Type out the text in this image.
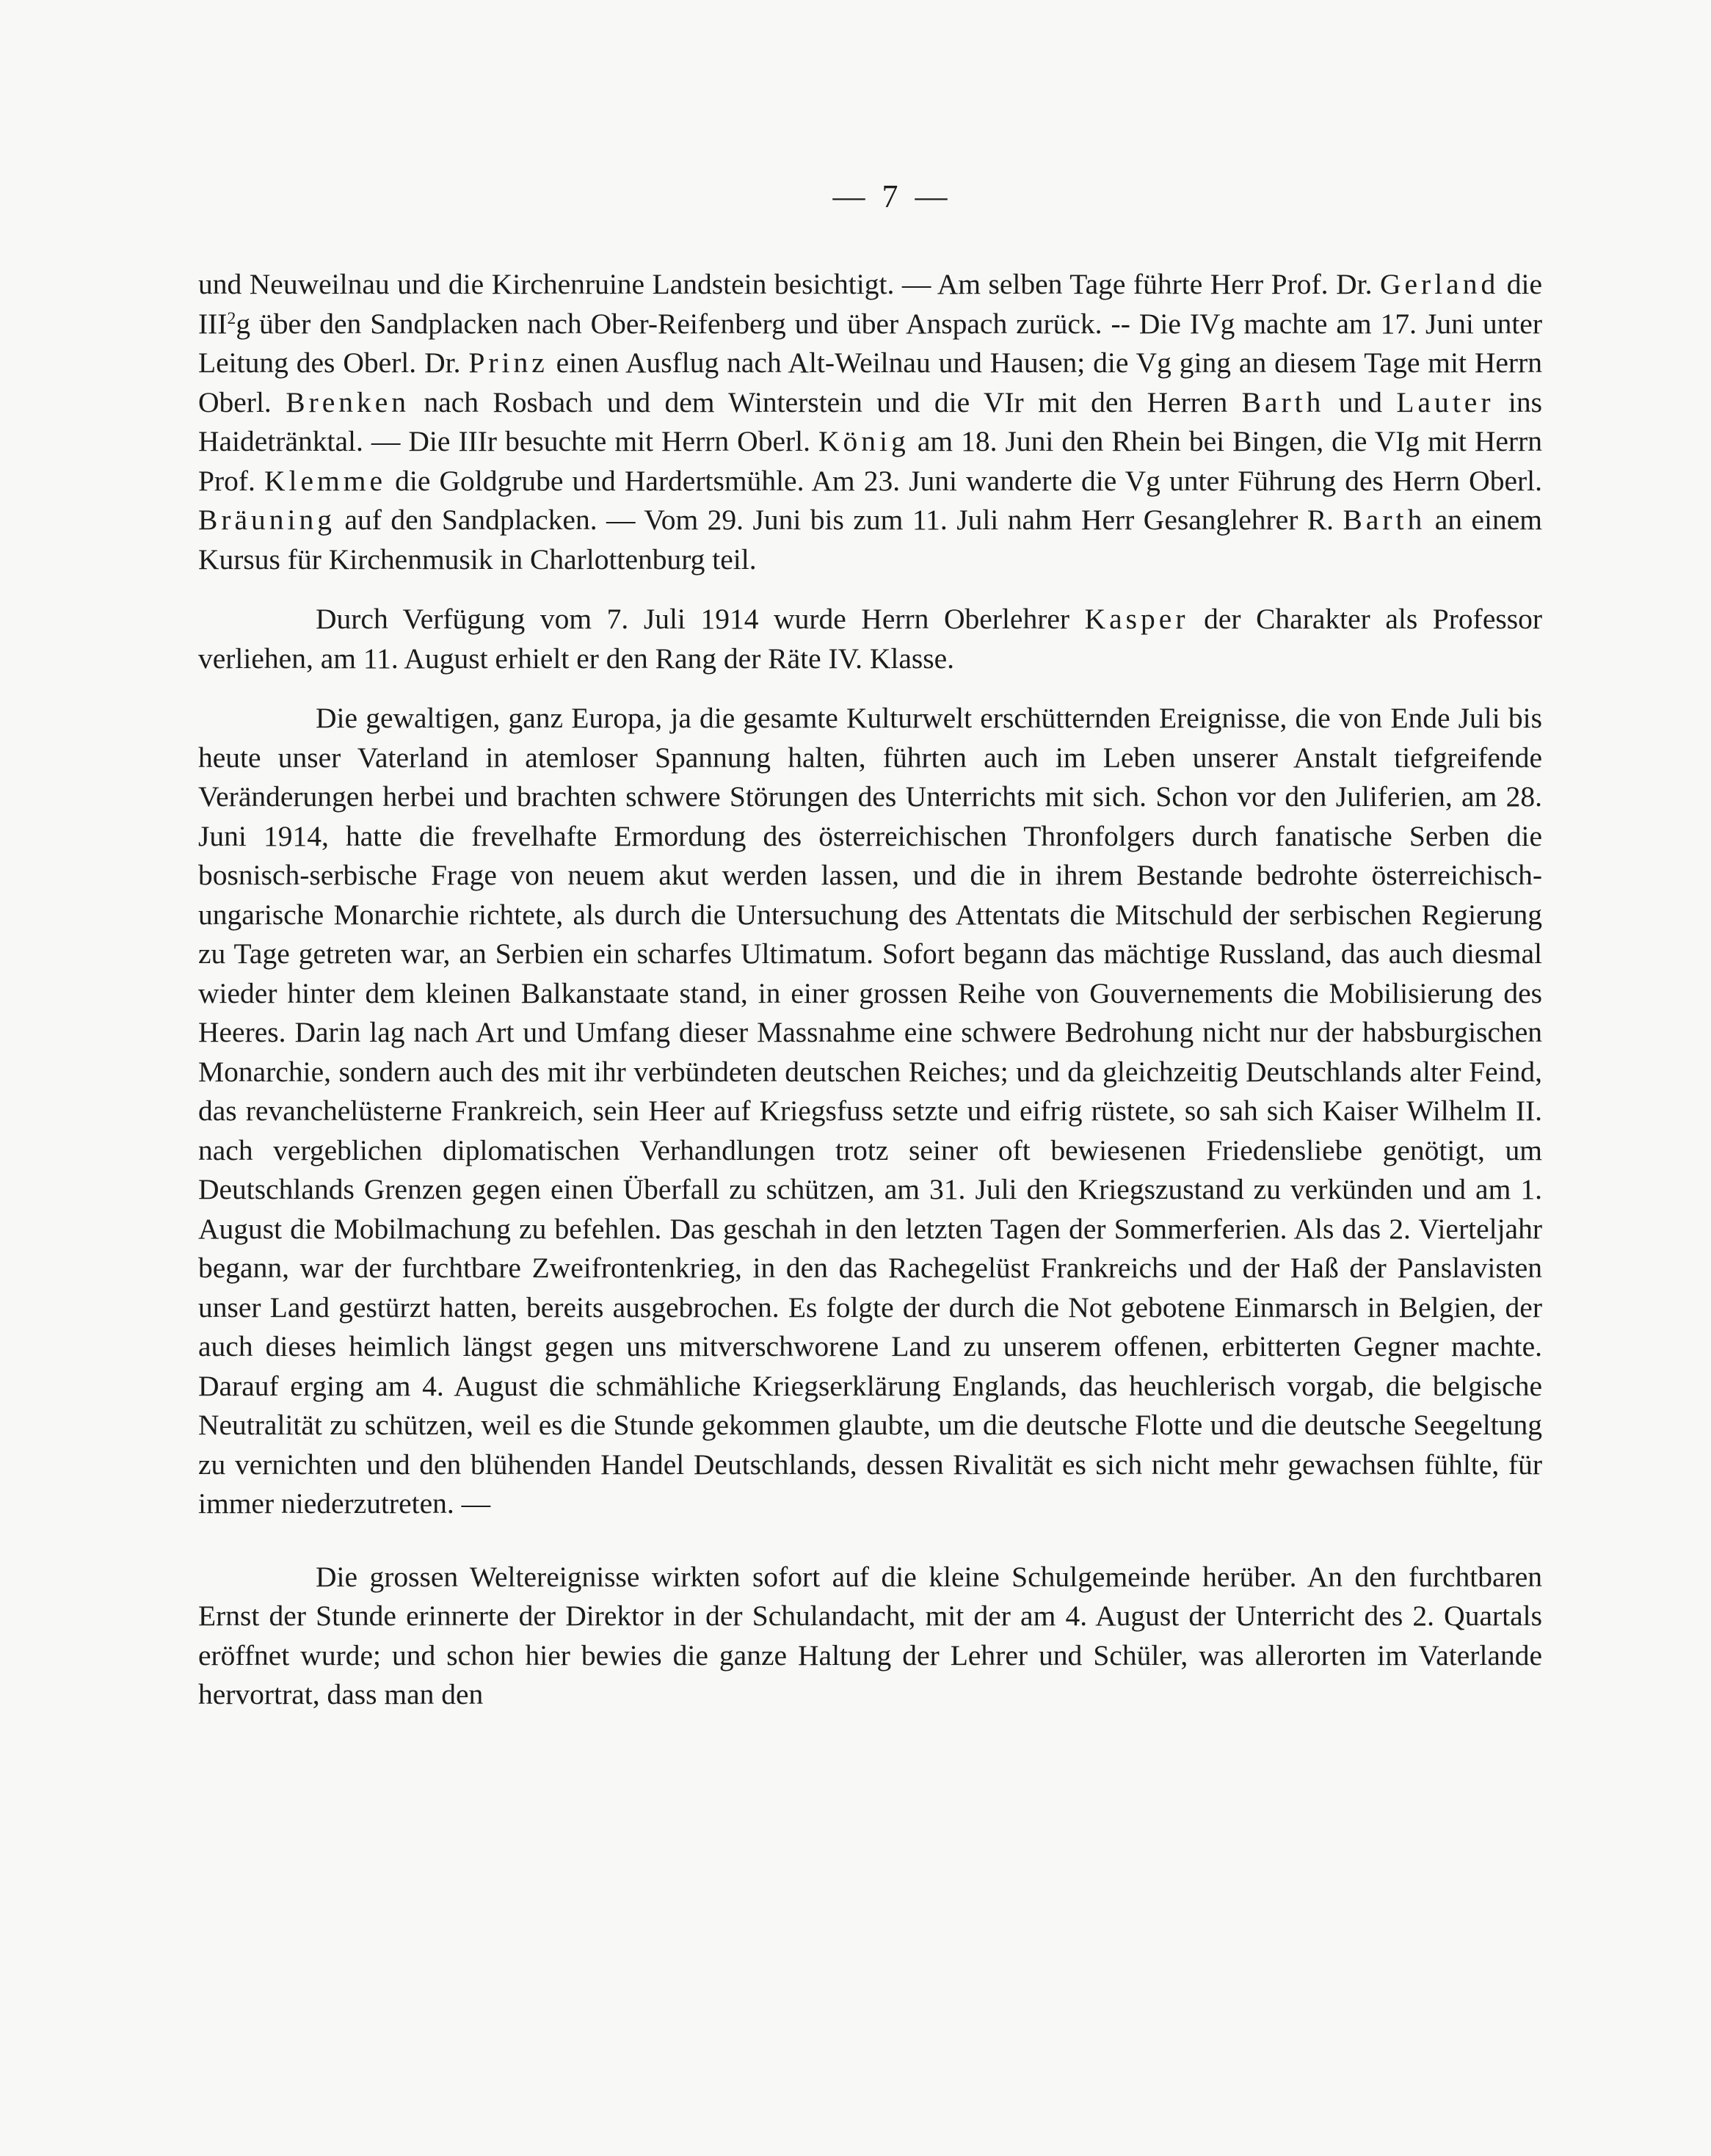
— 7 —

und Neuweilnau und die Kirchenruine Landstein besichtigt. — Am selben Tage führte Herr Prof. Dr. Gerland die III$^2$g über den Sandplacken nach Ober-Reifenberg und über Anspach zurück. -- Die IVg machte am 17. Juni unter Leitung des Oberl. Dr. Prinz einen Ausflug nach Alt-Weilnau und Hausen; die Vg ging an diesem Tage mit Herrn Oberl. Brenken nach Rosbach und dem Winterstein und die VIr mit den Herren Barth und Lauter ins Haidetränktal. — Die IIIr besuchte mit Herrn Oberl. König am 18. Juni den Rhein bei Bingen, die VIg mit Herrn Prof. Klemme die Goldgrube und Hardertsmühle. Am 23. Juni wanderte die Vg unter Führung des Herrn Oberl. Bräuning auf den Sandplacken. — Vom 29. Juni bis zum 11. Juli nahm Herr Gesanglehrer R. Barth an einem Kursus für Kirchenmusik in Charlottenburg teil.

Durch Verfügung vom 7. Juli 1914 wurde Herrn Oberlehrer Kasper der Charakter als Professor verliehen, am 11. August erhielt er den Rang der Räte IV. Klasse.

Die gewaltigen, ganz Europa, ja die gesamte Kulturwelt erschütternden Ereignisse, die von Ende Juli bis heute unser Vaterland in atemloser Spannung halten, führten auch im Leben unserer Anstalt tiefgreifende Veränderungen herbei und brachten schwere Störungen des Unterrichts mit sich. Schon vor den Juliferien, am 28. Juni 1914, hatte die frevelhafte Ermordung des österreichischen Thronfolgers durch fanatische Serben die bosnisch-serbische Frage von neuem akut werden lassen, und die in ihrem Bestande bedrohte österreichisch-ungarische Monarchie richtete, als durch die Untersuchung des Attentats die Mitschuld der serbischen Regierung zu Tage getreten war, an Serbien ein scharfes Ultimatum. Sofort begann das mächtige Russland, das auch diesmal wieder hinter dem kleinen Balkanstaate stand, in einer grossen Reihe von Gouvernements die Mobilisierung des Heeres. Darin lag nach Art und Umfang dieser Massnahme eine schwere Bedrohung nicht nur der habsburgischen Monarchie, sondern auch des mit ihr verbündeten deutschen Reiches; und da gleichzeitig Deutschlands alter Feind, das revanchelüsterne Frankreich, sein Heer auf Kriegsfuss setzte und eifrig rüstete, so sah sich Kaiser Wilhelm II. nach vergeblichen diplomatischen Verhandlungen trotz seiner oft bewiesenen Friedensliebe genötigt, um Deutschlands Grenzen gegen einen Überfall zu schützen, am 31. Juli den Kriegszustand zu verkünden und am 1. August die Mobilmachung zu befehlen. Das geschah in den letzten Tagen der Sommerferien. Als das 2. Vierteljahr begann, war der furchtbare Zweifrontenkrieg, in den das Rachegelüst Frankreichs und der Haß der Panslavisten unser Land gestürzt hatten, bereits ausgebrochen. Es folgte der durch die Not gebotene Einmarsch in Belgien, der auch dieses heimlich längst gegen uns mitverschworene Land zu unserem offenen, erbitterten Gegner machte. Darauf erging am 4. August die schmähliche Kriegserklärung Englands, das heuchlerisch vorgab, die belgische Neutralität zu schützen, weil es die Stunde gekommen glaubte, um die deutsche Flotte und die deutsche Seegeltung zu vernichten und den blühenden Handel Deutschlands, dessen Rivalität es sich nicht mehr gewachsen fühlte, für immer niederzutreten. —

Die grossen Weltereignisse wirkten sofort auf die kleine Schulgemeinde herüber. An den furchtbaren Ernst der Stunde erinnerte der Direktor in der Schulandacht, mit der am 4. August der Unterricht des 2. Quartals eröffnet wurde; und schon hier bewies die ganze Haltung der Lehrer und Schüler, was allerorten im Vaterlande hervortrat, dass man den
